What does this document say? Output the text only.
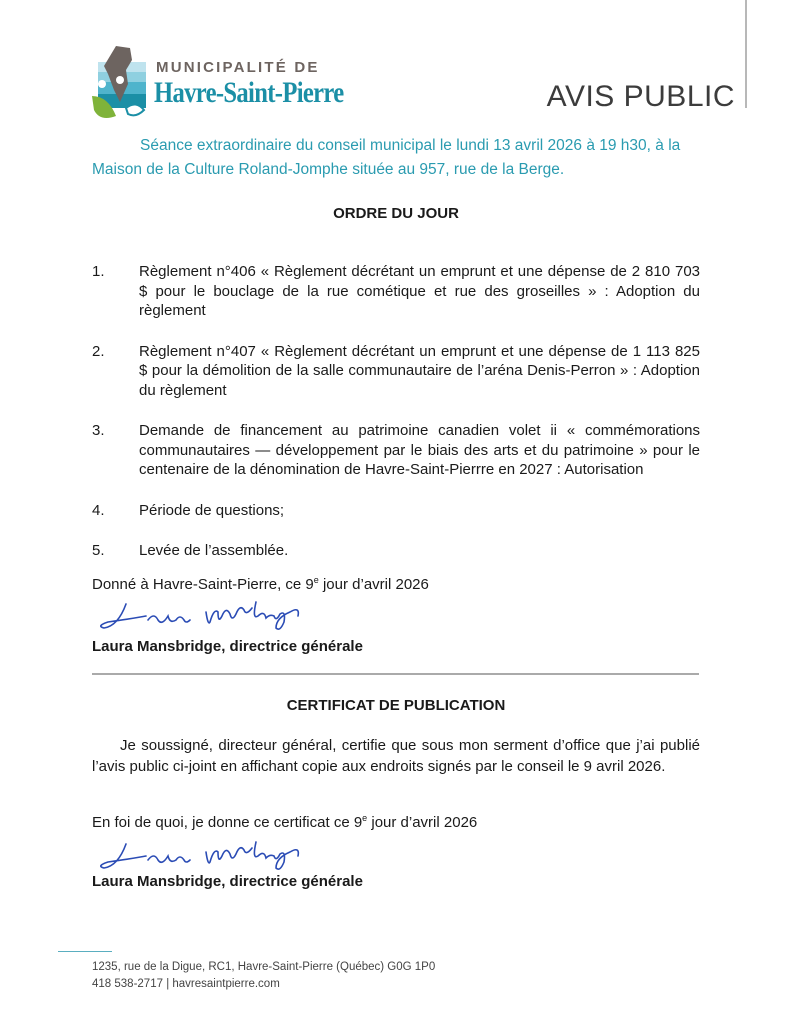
MUNICIPALITÉ DE
Havre-Saint-Pierre	AVIS PUBLIC
Séance extraordinaire du conseil municipal le lundi 13 avril 2026 à 19 h30, à la Maison de la Culture Roland-Jomphe située au 957, rue de la Berge.
ORDRE DU JOUR
1.	Règlement n°406 « Règlement décrétant un emprunt et une dépense de 2 810 703 $ pour le bouclage de la rue cométique et rue des groseilles » : Adoption du règlement
2.	Règlement n°407 « Règlement décrétant un emprunt et une dépense de 1 113 825 $ pour la démolition de la salle communautaire de l’aréna Denis-Perron » : Adoption du règlement
3.	Demande de financement au patrimoine canadien volet ii « commémorations communautaires — développement par le biais des arts et du patrimoine » pour le centenaire de la dénomination de Havre-Saint-Pierrre en 2027 : Autorisation
4.	Période de questions;
5.	Levée de l’assemblée.
Donné à Havre-Saint-Pierre, ce 9e jour d’avril 2026
Laura Mansbridge, directrice générale
CERTIFICAT DE PUBLICATION
Je soussigné, directeur général, certifie que sous mon serment d’office que j’ai publié l’avis public ci-joint en affichant copie aux endroits signés par le conseil le 9 avril 2026.
En foi de quoi, je donne ce certificat ce 9e jour d’avril 2026
Laura Mansbridge, directrice générale
1235, rue de la Digue, RC1, Havre-Saint-Pierre (Québec) G0G 1P0
418 538-2717 | havresaintpierre.com
